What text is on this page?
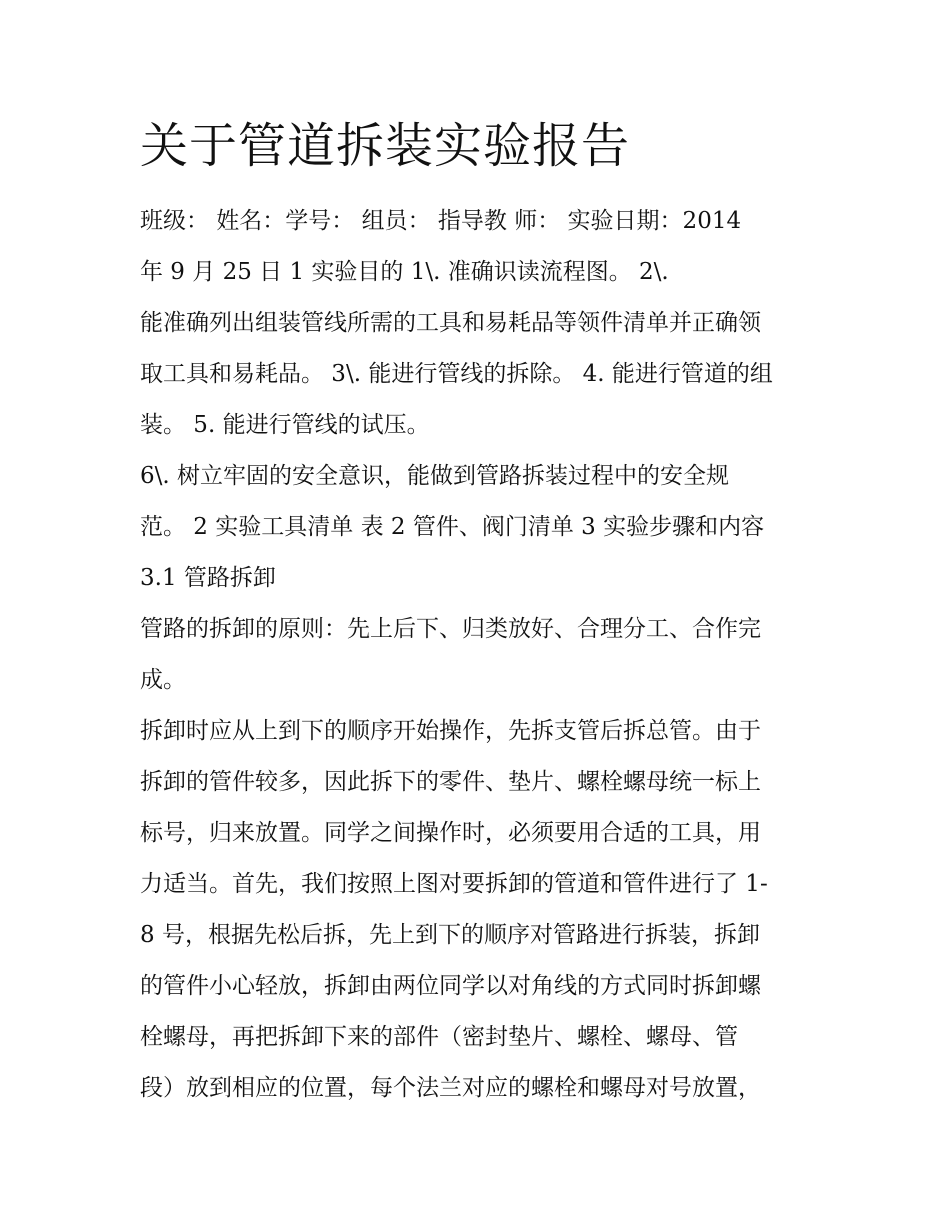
关于管道拆装实验报告
班级： 姓名：学号： 组员： 指导教 师： 实验日期：2014
年 9 月 25 日 1 实验目的 1\. 准确识读流程图。 2\.
能准确列出组装管线所需的工具和易耗品等领件清单并正确领
取工具和易耗品。 3\. 能进行管线的拆除。 4. 能进行管道的组
装。 5. 能进行管线的试压。
6\. 树立牢固的安全意识，能做到管路拆装过程中的安全规
范。 2 实验工具清单 表 2 管件、阀门清单 3 实验步骤和内容
3.1 管路拆卸
管路的拆卸的原则：先上后下、归类放好、合理分工、合作完
成。
拆卸时应从上到下的顺序开始操作，先拆支管后拆总管。由于
拆卸的管件较多，因此拆下的零件、垫片、螺栓螺母统一标上
标号，归来放置。同学之间操作时，必须要用合适的工具，用
力适当。首先，我们按照上图对要拆卸的管道和管件进行了 1-
8 号，根据先松后拆，先上到下的顺序对管路进行拆装，拆卸
的管件小心轻放，拆卸由两位同学以对角线的方式同时拆卸螺
栓螺母，再把拆卸下来的部件（密封垫片、螺栓、螺母、管
段）放到相应的位置，每个法兰对应的螺栓和螺母对号放置，
